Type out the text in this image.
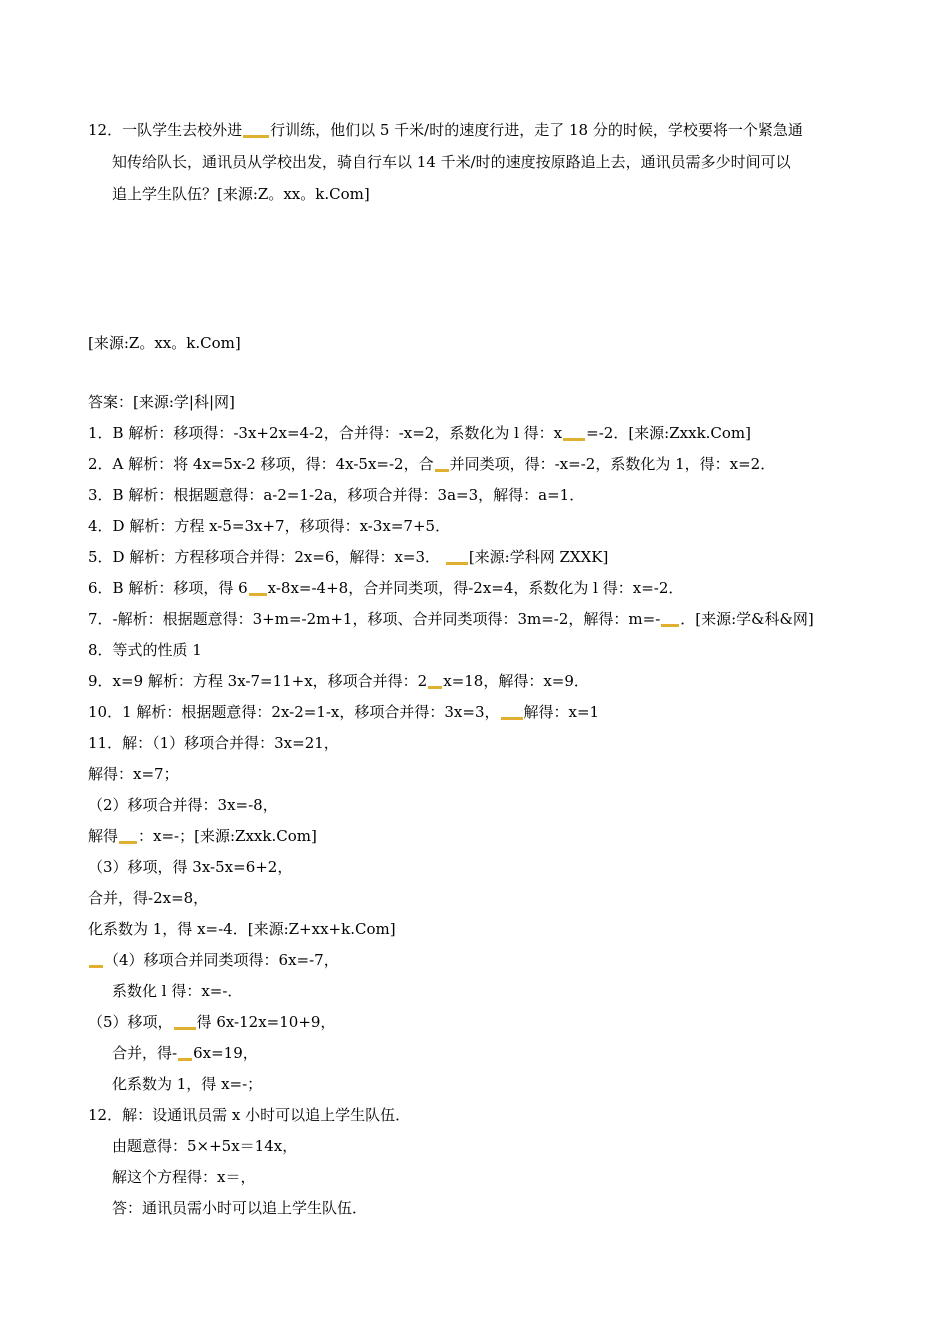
12．一队学生去校外进 行训练，他们以 5 千米/时的速度行进，走了 18 分的时候，学校要将一个紧急通
知传给队长，通讯员从学校出发，骑自行车以 14 千米/时的速度按原路追上去，通讯员需多少时间可以
追上学生队伍？[来源:Z。xx。k.Com]
[来源:Z。xx。k.Com]
答案：[来源:学|科|网]
1．B 解析：移项得：-3x+2x=4-2，合并得：-x=2，系数化为 l 得：x =-2．[来源:Zxxk.Com]
2．A 解析：将 4x=5x-2 移项，得：4x-5x=-2，合 并同类项，得：-x=-2，系数化为 1，得：x=2．
3．B 解析：根据题意得：a-2=1-2a，移项合并得：3a=3，解得：a=1．
4．D 解析：方程 x-5=3x+7，移项得：x-3x=7+5．
5．D 解析：方程移项合并得：2x=6，解得：x=3． [来源:学科网 ZXXK]
6．B 解析：移项，得 6 x-8x=-4+8，合并同类项，得-2x=4，系数化为 l 得：x=-2．
7．-解析：根据题意得：3+m=-2m+1，移项、合并同类项得：3m=-2，解得：m=- ．[来源:学&科&网]
8．等式的性质 1
9．x=9 解析：方程 3x-7=11+x，移项合并得：2 x=18，解得：x=9．
10．1 解析：根据题意得：2x-2=1-x，移项合并得：3x=3， 解得：x=1
11．解：（1）移项合并得：3x=21，
解得：x=7；
（2）移项合并得：3x=-8，
解得 ：x=-；[来源:Zxxk.Com]
（3）移项，得 3x-5x=6+2，
合并，得-2x=8，
化系数为 1，得 x=-4．[来源:Z+xx+k.Com]
（4）移项合并同类项得：6x=-7，
系数化 l 得：x=-．
（5）移项， 得 6x-12x=10+9，
合并，得- 6x=19，
化系数为 1，得 x=-；
12．解：设通讯员需 x 小时可以追上学生队伍．
由题意得：5×+5x＝14x，
解这个方程得：x＝，
答：通讯员需小时可以追上学生队伍．
